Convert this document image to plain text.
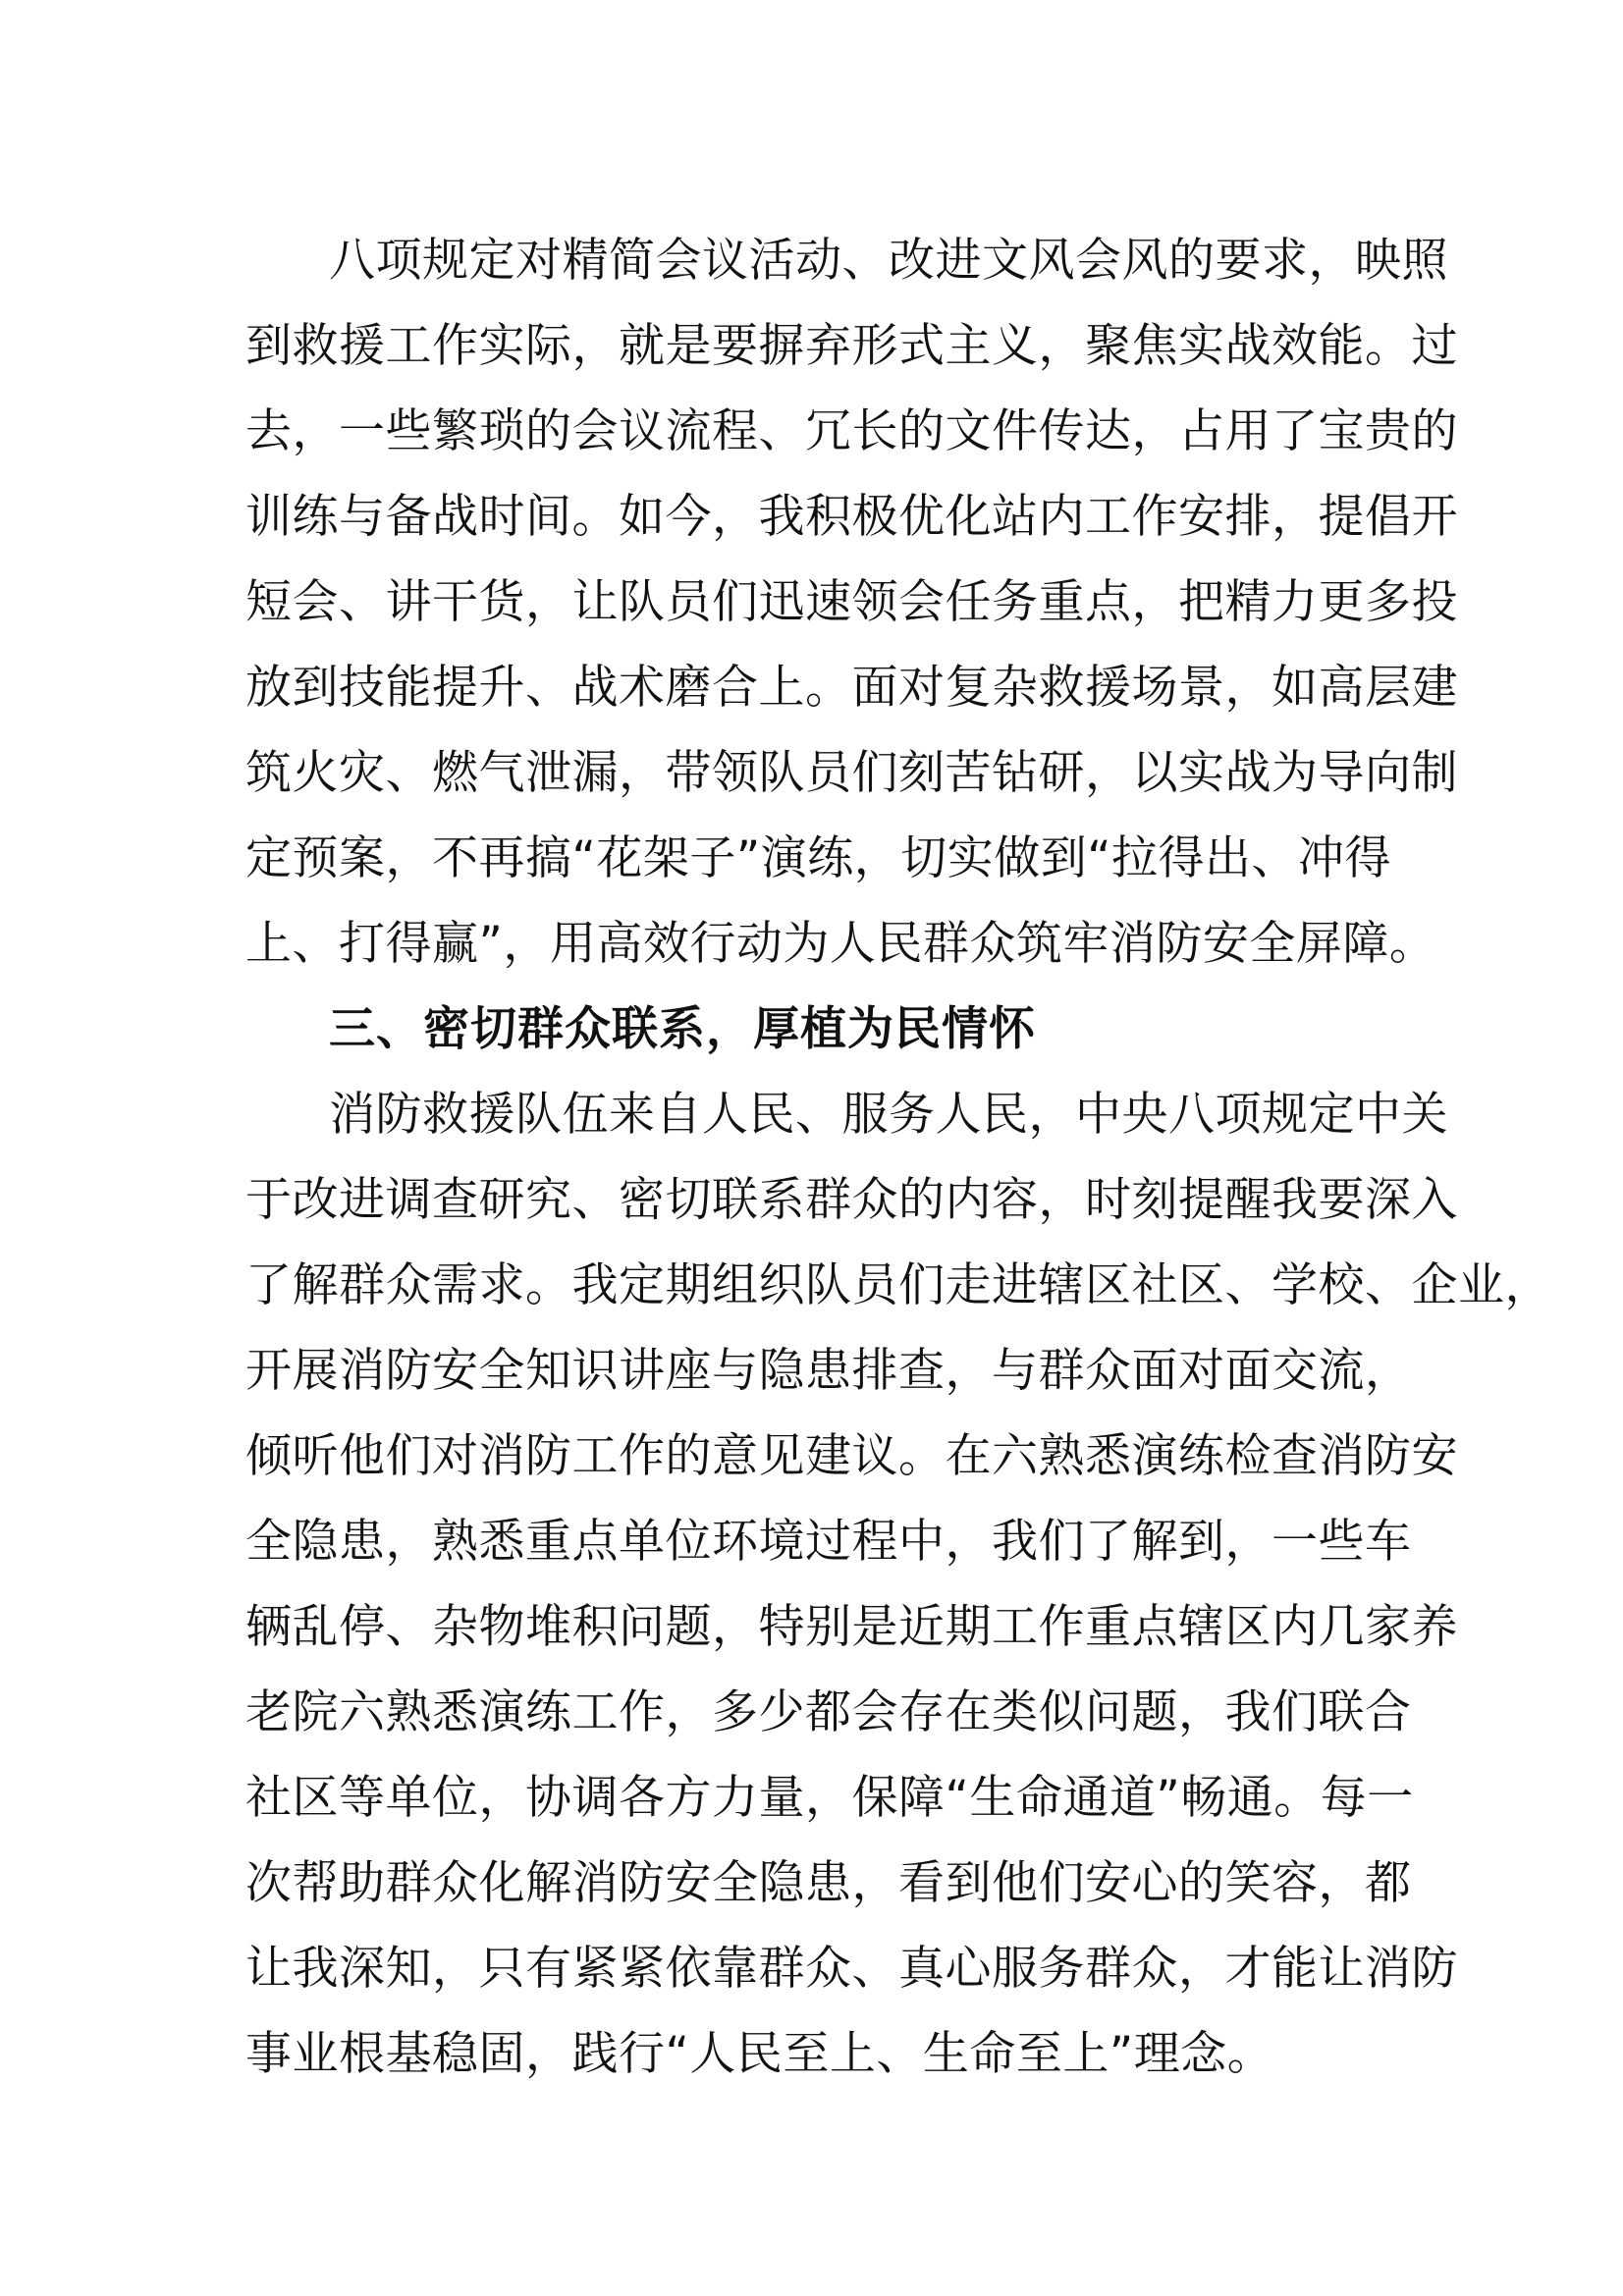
八项规定对精简会议活动、改进文风会风的要求，映照
到救援工作实际，就是要摒弃形式主义，聚焦实战效能。过
去，一些繁琐的会议流程、冗长的文件传达，占用了宝贵的
训练与备战时间。如今，我积极优化站内工作安排，提倡开
短会、讲干货，让队员们迅速领会任务重点，把精力更多投
放到技能提升、战术磨合上。面对复杂救援场景，如高层建
筑火灾、燃气泄漏，带领队员们刻苦钻研，以实战为导向制
定预案，不再搞“花架子”演练，切实做到“拉得出、冲得
上、打得赢”，用高效行动为人民群众筑牢消防安全屏障。
三、密切群众联系，厚植为民情怀
消防救援队伍来自人民、服务人民，中央八项规定中关
于改进调查研究、密切联系群众的内容，时刻提醒我要深入
了解群众需求。我定期组织队员们走进辖区社区、学校、企业，
开展消防安全知识讲座与隐患排查，与群众面对面交流，
倾听他们对消防工作的意见建议。在六熟悉演练检查消防安
全隐患，熟悉重点单位环境过程中，我们了解到，一些车
辆乱停、杂物堆积问题，特别是近期工作重点辖区内几家养
老院六熟悉演练工作，多少都会存在类似问题，我们联合
社区等单位，协调各方力量，保障“生命通道”畅通。每一
次帮助群众化解消防安全隐患，看到他们安心的笑容，都
让我深知，只有紧紧依靠群众、真心服务群众，才能让消防
事业根基稳固，践行“人民至上、生命至上”理念。
